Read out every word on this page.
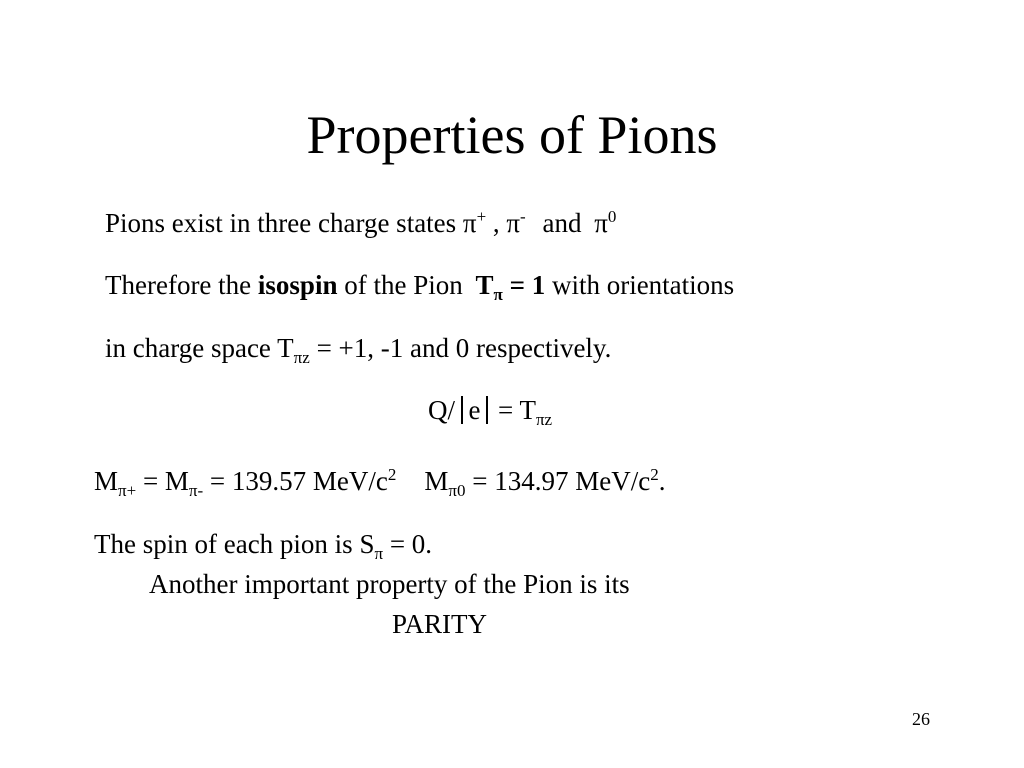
Properties of Pions
Pions exist in three charge states π+ , π- and $\pi^0$
Therefore the isospin of the Pion $T_\pi = 1$ with orientations
in charge space $T_{\pi z} = +1$, -1 and 0 respectively.
Q/ $e = T_{\pi z}$
$M_{\pi+} = M_{\pi-} = 139.57$ MeV/$c^2$ $M_{\pi 0} = 134.97$ MeV/$c^2$.
The spin of each pion is $S_\pi = 0$.
Another important property of the Pion is its
PARITY
26
